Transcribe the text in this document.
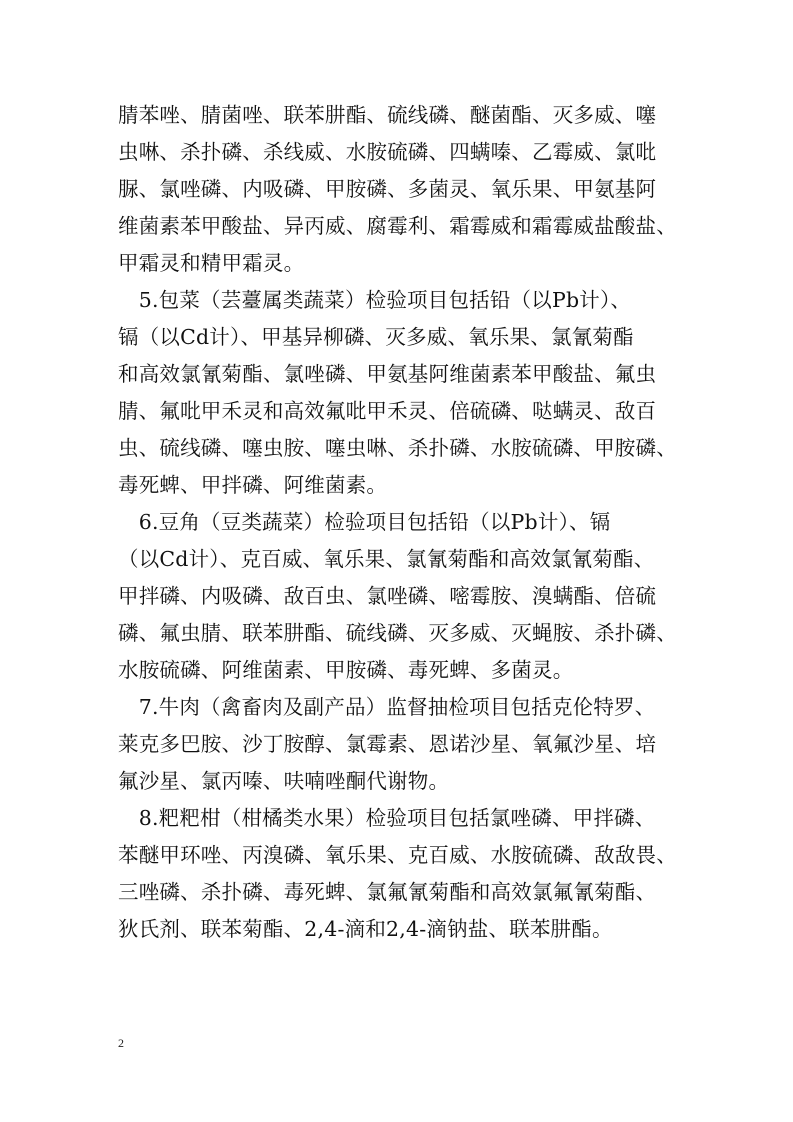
腈苯唑、腈菌唑、联苯肼酯、硫线磷、醚菌酯、灭多威、噻
虫啉、杀扑磷、杀线威、水胺硫磷、四螨嗪、乙霉威、氯吡
脲、氯唑磷、内吸磷、甲胺磷、多菌灵、氧乐果、甲氨基阿
维菌素苯甲酸盐、异丙威、腐霉利、霜霉威和霜霉威盐酸盐、
甲霜灵和精甲霜灵。
　5.包菜（芸薹属类蔬菜）检验项目包括铅（以Pb计）、
镉（以Cd计）、甲基异柳磷、灭多威、氧乐果、氯氰菊酯
和高效氯氰菊酯、氯唑磷、甲氨基阿维菌素苯甲酸盐、氟虫
腈、氟吡甲禾灵和高效氟吡甲禾灵、倍硫磷、哒螨灵、敌百
虫、硫线磷、噻虫胺、噻虫啉、杀扑磷、水胺硫磷、甲胺磷、
毒死蜱、甲拌磷、阿维菌素。
　6.豆角（豆类蔬菜）检验项目包括铅（以Pb计）、镉
（以Cd计）、克百威、氧乐果、氯氰菊酯和高效氯氰菊酯、
甲拌磷、内吸磷、敌百虫、氯唑磷、嘧霉胺、溴螨酯、倍硫
磷、氟虫腈、联苯肼酯、硫线磷、灭多威、灭蝇胺、杀扑磷、
水胺硫磷、阿维菌素、甲胺磷、毒死蜱、多菌灵。
　7.牛肉（禽畜肉及副产品）监督抽检项目包括克伦特罗、
莱克多巴胺、沙丁胺醇、氯霉素、恩诺沙星、氧氟沙星、培
氟沙星、氯丙嗪、呋喃唑酮代谢物。
　8.粑粑柑（柑橘类水果）检验项目包括氯唑磷、甲拌磷、
苯醚甲环唑、丙溴磷、氧乐果、克百威、水胺硫磷、敌敌畏、
三唑磷、杀扑磷、毒死蜱、氯氟氰菊酯和高效氯氟氰菊酯、
狄氏剂、联苯菊酯、2,4-滴和2,4-滴钠盐、联苯肼酯。
2
